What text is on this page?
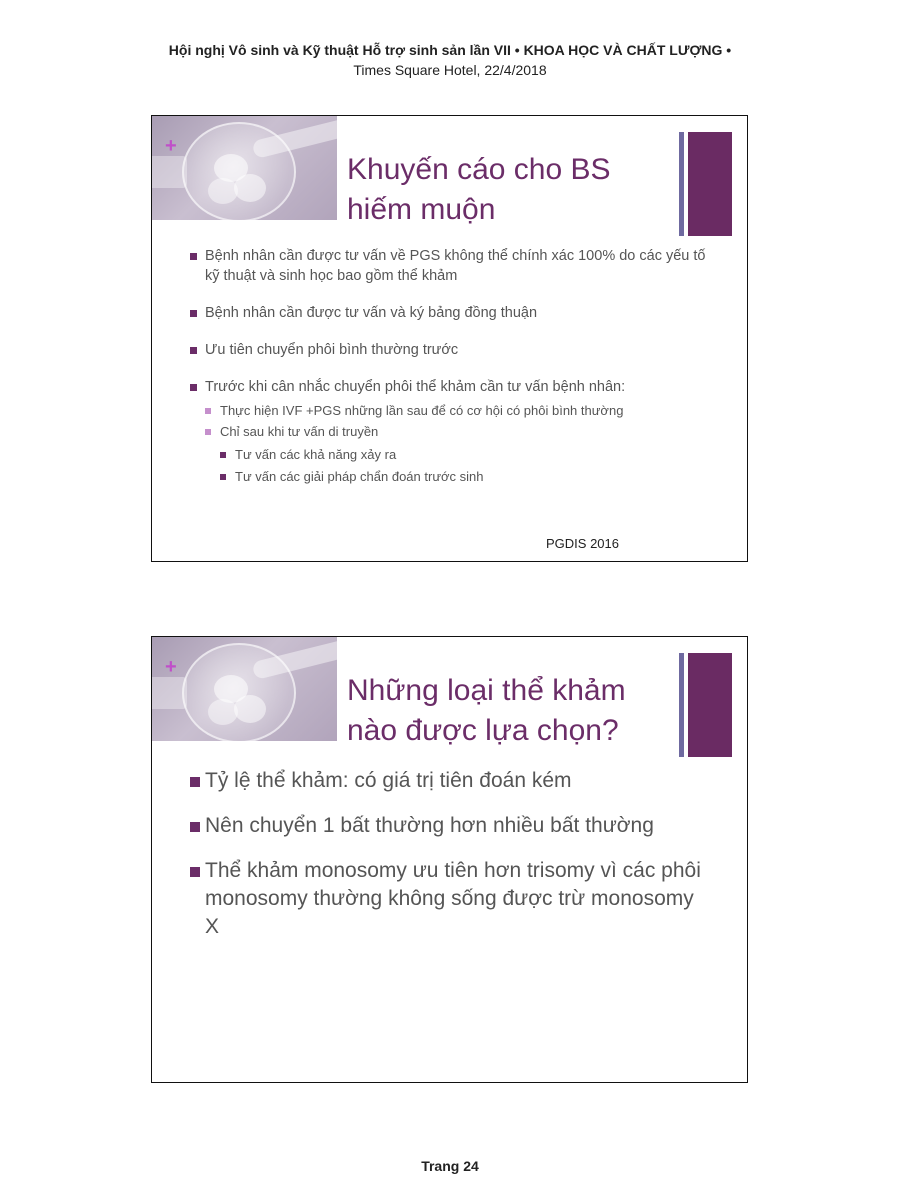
Hội nghị Vô sinh và Kỹ thuật Hỗ trợ sinh sản lần VII • KHOA HỌC VÀ CHẤT LƯỢNG •
Times Square Hotel, 22/4/2018
+
Khuyến cáo cho BS hiếm muộn
Bệnh nhân cần được tư vấn về PGS không thể chính xác 100% do các yếu tố kỹ thuật và sinh học bao gồm thể khảm
Bệnh nhân cần được tư vấn và ký bảng đồng thuận
Ưu tiên chuyển phôi bình thường trước
Trước khi cân nhắc chuyển phôi thể khảm cần tư vấn bệnh nhân:
Thực hiện IVF +PGS những lần sau để có cơ hội có phôi bình thường
Chỉ sau khi tư vấn di truyền
Tư vấn các khả năng xảy ra
Tư vấn các giải pháp chẩn đoán trước sinh
PGDIS 2016
+
Những loại thể khảm nào được lựa chọn?
Tỷ lệ thể khảm: có giá trị tiên đoán kém
Nên chuyển 1 bất thường hơn nhiều bất thường
Thể khảm monosomy ưu tiên hơn trisomy vì các phôi monosomy thường không sống được trừ monosomy X
Trang 24
